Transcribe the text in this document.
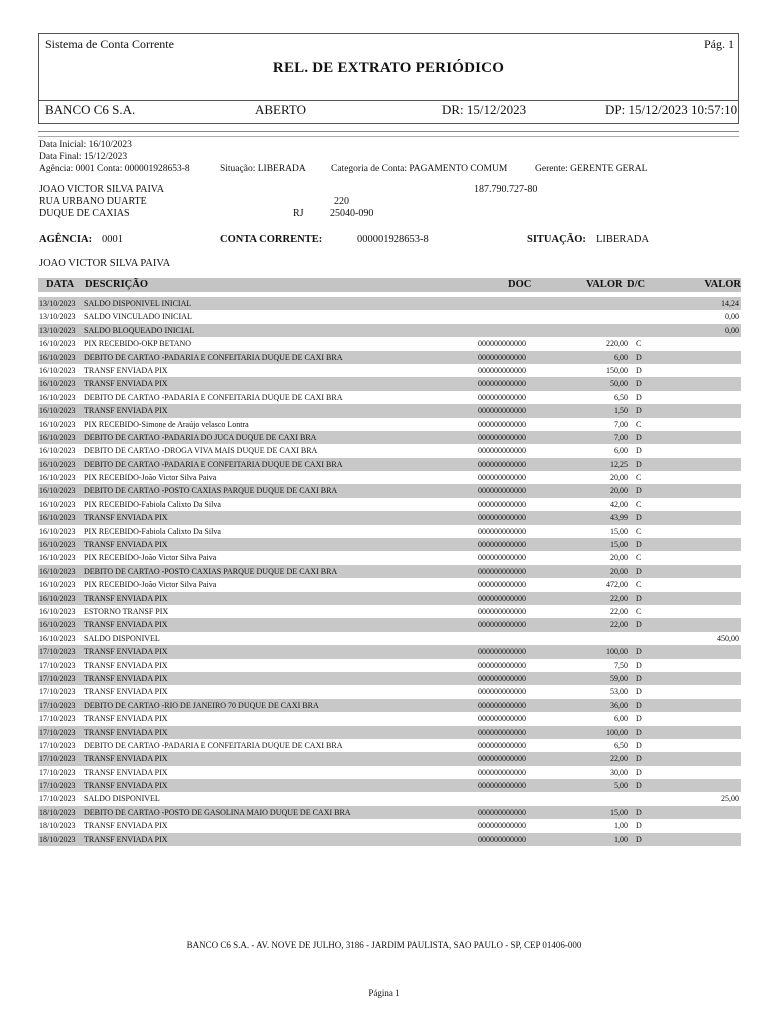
Sistema de Conta Corrente	Pág. 1
REL. DE EXTRATO PERIÓDICO
BANCO C6 S.A.	ABERTO	DR: 15/12/2023	DP: 15/12/2023 10:57:10
Data Inicial: 16/10/2023
Data Final: 15/12/2023
Agência: 0001 Conta: 000001928653-8	Situação: LIBERADA	Categoria de Conta: PAGAMENTO COMUM	Gerente: GERENTE GERAL
JOAO VICTOR SILVA PAIVA	187.790.727-80
RUA URBANO DUARTE	220
DUQUE DE CAXIAS	RJ	25040-090
AGÊNCIA: 0001	CONTA CORRENTE:	000001928653-8	SITUAÇÃO: LIBERADA
JOAO VICTOR SILVA PAIVA
DATA DESCRIÇÃO	DOC	VALOR D/C	VALOR
13/10/2023 SALDO DISPONIVEL INICIAL	14,24
13/10/2023 SALDO VINCULADO INICIAL	0,00
13/10/2023 SALDO BLOQUEADO INICIAL	0,00
16/10/2023 PIX RECEBIDO-OKP BETANO	000000000000	220,00 C
16/10/2023 DEBITO DE CARTAO -PADARIA E CONFEITARIA DUQUE DE CAXI BRA	000000000000	6,00 D
16/10/2023 TRANSF ENVIADA PIX	000000000000	150,00 D
16/10/2023 TRANSF ENVIADA PIX	000000000000	50,00 D
16/10/2023 DEBITO DE CARTAO -PADARIA E CONFEITARIA DUQUE DE CAXI BRA	000000000000	6,50 D
16/10/2023 TRANSF ENVIADA PIX	000000000000	1,50 D
16/10/2023 PIX RECEBIDO-Simone de Araújo velasco Lontra	000000000000	7,00 C
16/10/2023 DEBITO DE CARTAO -PADARIA DO JUCA DUQUE DE CAXI BRA	000000000000	7,00 D
16/10/2023 DEBITO DE CARTAO -DROGA VIVA MAIS DUQUE DE CAXI BRA	000000000000	6,00 D
16/10/2023 DEBITO DE CARTAO -PADARIA E CONFEITARIA DUQUE DE CAXI BRA	000000000000	12,25 D
16/10/2023 PIX RECEBIDO-João Victor Silva Paiva	000000000000	20,00 C
16/10/2023 DEBITO DE CARTAO -POSTO CAXIAS PARQUE DUQUE DE CAXI BRA	000000000000	20,00 D
16/10/2023 PIX RECEBIDO-Fabiola Calixto Da Silva	000000000000	42,00 C
16/10/2023 TRANSF ENVIADA PIX	000000000000	43,99 D
16/10/2023 PIX RECEBIDO-Fabiola Calixto Da Silva	000000000000	15,00 C
16/10/2023 TRANSF ENVIADA PIX	000000000000	15,00 D
16/10/2023 PIX RECEBIDO-João Victor Silva Paiva	000000000000	20,00 C
16/10/2023 DEBITO DE CARTAO -POSTO CAXIAS PARQUE DUQUE DE CAXI BRA	000000000000	20,00 D
16/10/2023 PIX RECEBIDO-João Victor Silva Paiva	000000000000	472,00 C
16/10/2023 TRANSF ENVIADA PIX	000000000000	22,00 D
16/10/2023 ESTORNO TRANSF PIX	000000000000	22,00 C
16/10/2023 TRANSF ENVIADA PIX	000000000000	22,00 D
16/10/2023 SALDO DISPONIVEL	450,00
17/10/2023 TRANSF ENVIADA PIX	000000000000	100,00 D
17/10/2023 TRANSF ENVIADA PIX	000000000000	7,50 D
17/10/2023 TRANSF ENVIADA PIX	000000000000	59,00 D
17/10/2023 TRANSF ENVIADA PIX	000000000000	53,00 D
17/10/2023 DEBITO DE CARTAO -RIO DE JANEIRO 70 DUQUE DE CAXI BRA	000000000000	36,00 D
17/10/2023 TRANSF ENVIADA PIX	000000000000	6,00 D
17/10/2023 TRANSF ENVIADA PIX	000000000000	100,00 D
17/10/2023 DEBITO DE CARTAO -PADARIA E CONFEITARIA DUQUE DE CAXI BRA	000000000000	6,50 D
17/10/2023 TRANSF ENVIADA PIX	000000000000	22,00 D
17/10/2023 TRANSF ENVIADA PIX	000000000000	30,00 D
17/10/2023 TRANSF ENVIADA PIX	000000000000	5,00 D
17/10/2023 SALDO DISPONIVEL	25,00
18/10/2023 DEBITO DE CARTAO -POSTO DE GASOLINA MAIO DUQUE DE CAXI BRA	000000000000	15,00 D
18/10/2023 TRANSF ENVIADA PIX	000000000000	1,00 D
18/10/2023 TRANSF ENVIADA PIX	000000000000	1,00 D
BANCO C6 S.A. - AV. NOVE DE JULHO, 3186 - JARDIM PAULISTA, SAO PAULO - SP, CEP 01406-000
Página 1
